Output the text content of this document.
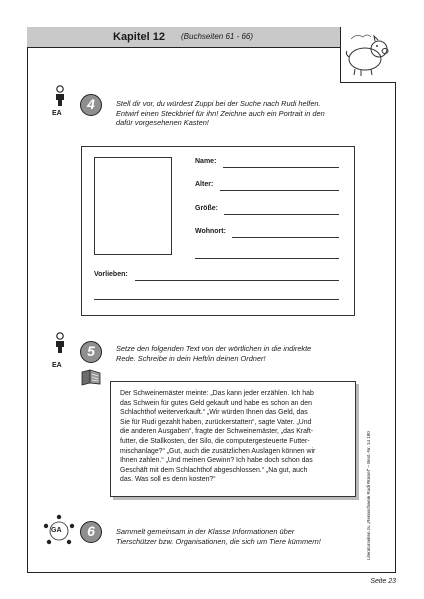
Kapitel 12 (Buchseiten 61 - 66)
EA
4	Stell dir vor, du würdest Zuppi bei der Suche nach Rudi helfen.
Entwirf einen Steckbrief für ihn! Zeichne auch ein Portrait in den
dafür vorgesehenen Kasten!
Name:
Alter:
Größe:
Wohnort:
Vorlieben:
EA
5	Setze den folgenden Text von der wörtlichen in die indirekte
Rede. Schreibe in dein Heft/in deinen Ordner!
Der Schweinemäster meinte: „Das kann jeder erzählen. Ich hab
das Schwein für gutes Geld gekauft und habe es schon an den
Schlachthof weiterverkauft.“ „Wir würden Ihnen das Geld, das
Sie für Rudi gezahlt haben, zurückerstatten“, sagte Vater. „Und
die anderen Ausgaben“, fragte der Schweinemäster, „das Kraft-
futter, die Stallkosten, der Silo, die computergesteuerte Futter-
mischanlage?“ „Gut, auch die zusätzlichen Auslagen können wir
Ihnen zahlen.“ „Und meinen Gewinn? Ich habe doch schon das
Geschäft mit dem Schlachthof abgeschlossen.“ „Na gut, auch
das. Was soll es denn kosten?“
GA	6	Sammelt gemeinsam in der Klasse Informationen über
Tierschützer bzw. Organisationen, die sich um Tiere kümmern!	Literaturseiten zu „Rennschwein Rudi Rüssel“ – Best.-Nr. 14 180
Seite 23
